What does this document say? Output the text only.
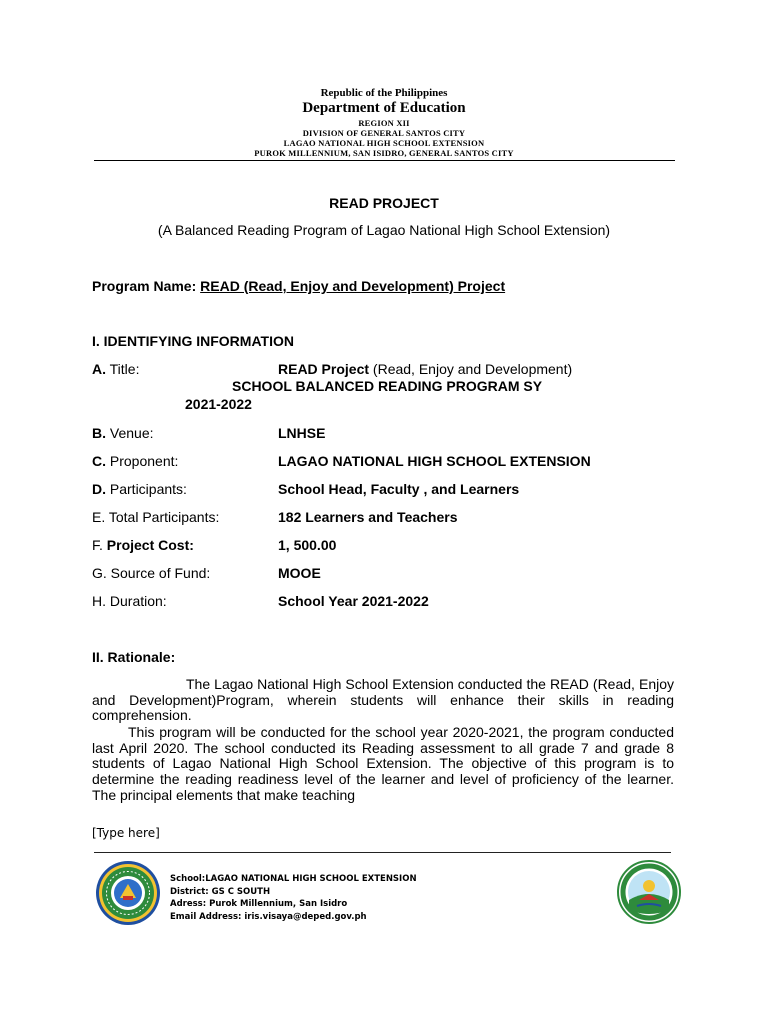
Republic of the Philippines
Department of Education
REGION XII
DIVISION OF GENERAL SANTOS CITY
LAGAO NATIONAL HIGH SCHOOL EXTENSION
PUROK MILLENNIUM, SAN ISIDRO, GENERAL SANTOS CITY
READ PROJECT
(A Balanced Reading Program of Lagao National High School Extension)
Program Name: READ (Read, Enjoy and Development) Project
I. IDENTIFYING INFORMATION
A. Title:	READ Project (Read, Enjoy and Development)
SCHOOL BALANCED READING PROGRAM SY
2021-2022
B. Venue:	LNHSE
C. Proponent:	LAGAO NATIONAL HIGH SCHOOL EXTENSION
D. Participants:	School Head, Faculty , and Learners
E. Total Participants:	182 Learners and Teachers
F. Project Cost:	1, 500.00
G. Source of Fund:	MOOE
H. Duration:	School Year 2021-2022
II. Rationale:
The Lagao National High School Extension conducted the READ (Read, Enjoy and Development)Program, wherein students will enhance their skills in reading comprehension.
This program will be conducted for the school year 2020-2021, the program conducted last April 2020. The school conducted its Reading assessment to all grade 7 and grade 8 students of Lagao National High School Extension. The objective of this program is to determine the reading readiness level of the learner and level of proficiency of the learner. The principal elements that make teaching
[Type here]
School:LAGAO NATIONAL HIGH SCHOOL EXTENSION
District: GS C SOUTH
Adress: Purok Millennium, San Isidro
Email Address: iris.visaya@deped.gov.ph
